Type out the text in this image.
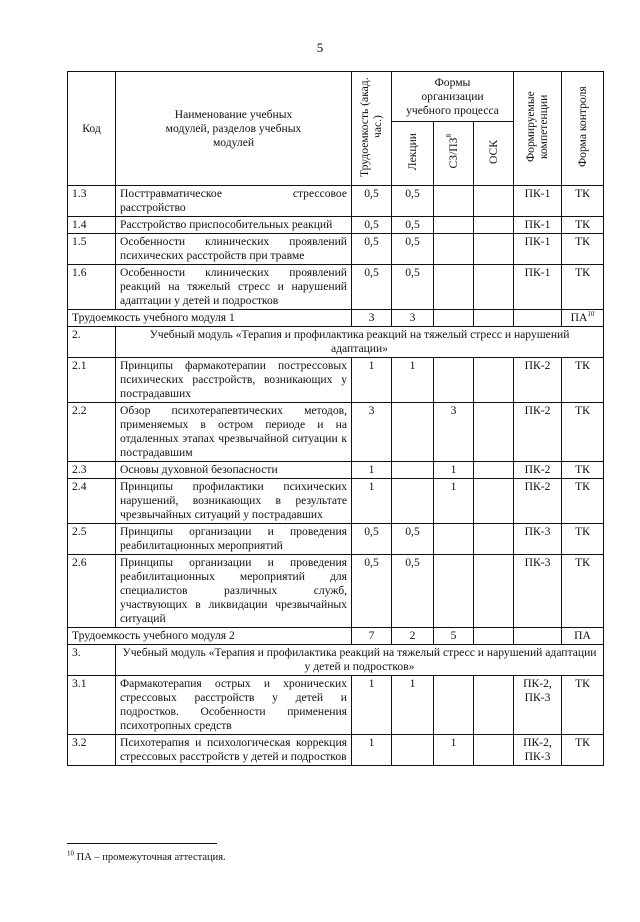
5
Код	Наименование учебных модулей, разделов учебных модулей	Трудоемкость (акад. час.)	Формы организации учебного процесса			Формируемые компетенции	Форма контроля
			Лекции	$СЗ/ПЗ^8$	ОСК		
1.3	Посттравматическое стрессовое расстройство	0,5	0,5			ПК-1	ТК
1.4	Расстройство приспособительных реакций	0,5	0,5			ПК-1	ТК
1.5	Особенности клинических проявлений психических расстройств при травме	0,5	0,5			ПК-1	ТК
1.6	Особенности клинических проявлений реакций на тяжелый стресс и нарушений адаптации у детей и подростков	0,5	0,5			ПК-1	ТК
Трудоемкость учебного модуля 1		3	3				ПА$^{10}$
2.	Учебный модуль «Терапия и профилактика реакций на тяжелый стресс и нарушений адаптации»						
2.1	Принципы фармакотерапии постресcовых психических расстройств, возникающих у пострадавших	1	1			ПК-2	ТК
2.2	Обзор психотерапевтических методов, применяемых в остром периоде и на отдаленных этапах чрезвычайной ситуации к пострадавшим	3		3		ПК-2	ТК
2.3	Основы духовной безопасности	1		1		ПК-2	ТК
2.4	Принципы профилактики психических нарушений, возникающих в результате чрезвычайных ситуаций у пострадавших	1		1		ПК-2	ТК
2.5	Принципы организации и проведения реабилитационных мероприятий	0,5	0,5			ПК-3	ТК
2.6	Принципы организации и проведения реабилитационных мероприятий для специалистов различных служб, участвующих в ликвидации чрезвычайных ситуаций	0,5	0,5			ПК-3	ТК
Трудоемкость учебного модуля 2		7	2	5			ПА
3.	Учебный модуль «Терапия и профилактика реакций на тяжелый стресс и нарушений адаптации у детей и подростков»						
3.1	Фармакотерапия острых и хронических стрессовых расстройств у детей и подростков. Особенности применения психотропных средств	1	1			ПК-2, ПК-3	ТК
3.2	Психотерапия и психологическая коррекция стрессовых расстройств у детей и подростков	1		1		ПК-2, ПК-3	ТК
$^{10}$ ПА – промежуточная аттестация.
